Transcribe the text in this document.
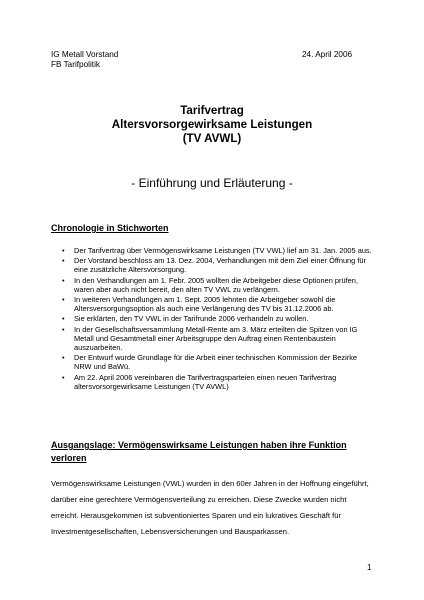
IG Metall Vorstand
FB Tarifpolitik
24. April 2006
Tarifvertrag
Altersvorsorgewirksame Leistungen
(TV AVWL)
- Einführung und Erläuterung -
Chronologie in Stichworten
• Der Tarifvertrag über Vermögenswirksame Leistungen (TV VWL) lief am 31. Jan. 2005 aus.
• Der Vorstand beschloss am 13. Dez. 2004, Verhandlungen mit dem Ziel einer Öffnung für eine zusätzliche Altersvorsorgung.
• In den Verhandlungen am 1. Febr. 2005 wollten die Arbeitgeber diese Optionen prüfen, waren aber auch nicht bereit, den alten TV VWL zu verlängern.
• In weiteren Verhandlungen am 1. Sept. 2005 lehnten die Arbeitgeber sowohl die Altersversorgungsoption als auch eine Verlängerung des TV bis 31.12.2006 ab.
• Sie erklärten, den TV VWL in der Tarifrunde 2006 verhandeln zu wollen.
• In der Gesellschaftsversammlung Metall-Rente am 3. März erteilten die Spitzen von IG Metall und Gesamtmetall einer Arbeitsgruppe den Auftrag einen Rentenbaustein auszuarbeiten.
• Der Entwurf wurde Grundlage für die Arbeit einer technischen Kommission der Bezirke NRW und BaWü.
• Am 22. April 2006 vereinbaren die Tarifvertragsparteien einen neuen Tarifvertrag altersvorsorgewirksame Leistungen (TV AVWL)
Ausgangslage: Vermögenswirksame Leistungen haben ihre Funktion verloren
Vermögenswirksame Leistungen (VWL) wurden in den 60er Jahren in der Hoffnung eingeführt, darüber eine gerechtere Vermögensverteilung zu erreichen. Diese Zwecke wurden nicht erreicht. Herausgekommen ist subventioniertes Sparen und ein lukratives Geschäft für Investmentgesellschaften, Lebensversicherungen und Bausparkassen.
1
